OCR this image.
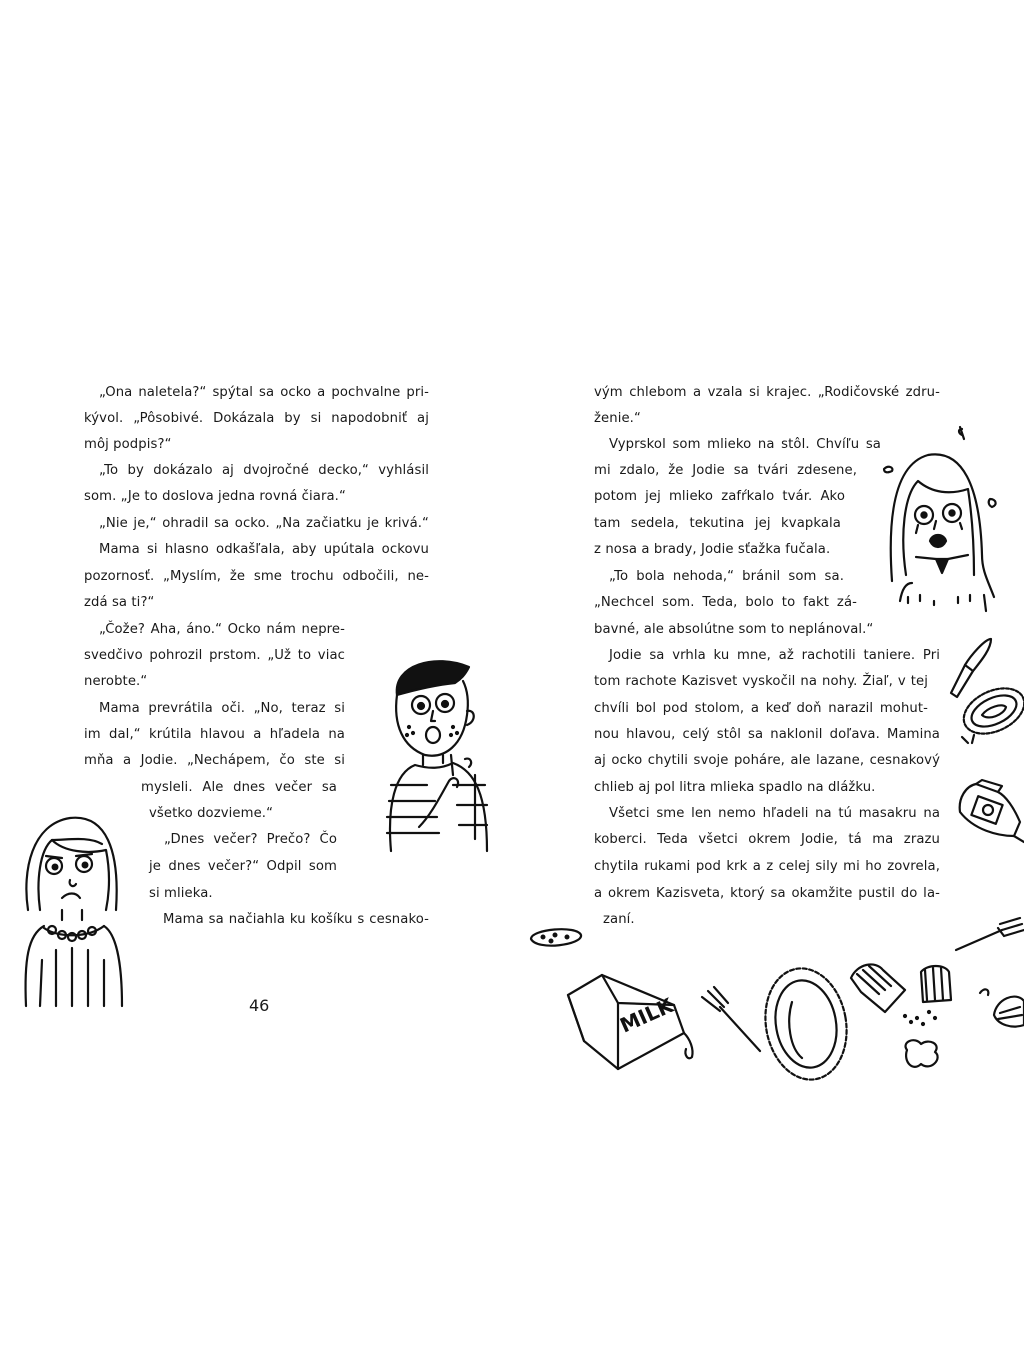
„Ona naletela?“ spýtal sa ocko a pochvalne pri-
kývol. „Pôsobivé. Dokázala by si napodobniť aj
môj podpis?“
„To by dokázalo aj dvojročné decko,“ vyhlásil
som. „Je to doslova jedna rovná čiara.“
„Nie je,“ ohradil sa ocko. „Na začiatku je krivá.“
Mama si hlasno odkašľala, aby upútala ockovu
pozornosť. „Myslím, že sme trochu odbočili, ne-
zdá sa ti?“
„Čože? Aha, áno.“ Ocko nám nepre-
svedčivo pohrozil prstom. „Už to viac
nerobte.“
Mama prevrátila oči. „No, teraz si
im dal,“ krútila hlavou a hľadela na
mňa a Jodie. „Nechápem, čo ste si
mysleli. Ale dnes večer sa
všetko dozvieme.“
„Dnes večer? Prečo? Čo
je dnes večer?“ Odpil som
si mlieka.
Mama sa načiahla ku košíku s cesnako-
46
vým chlebom a vzala si krajec. „Rodičovské zdru-
ženie.“
Vyprskol som mlieko na stôl. Chvíľu sa
mi zdalo, že Jodie sa tvári zdesene,
potom jej mlieko zafŕkalo tvár. Ako
tam sedela, tekutina jej kvapkala
z nosa a brady, Jodie sťažka fučala.
„To bola nehoda,“ bránil som sa.
„Nechcel som. Teda, bolo to fakt zá-
bavné, ale absolútne som to neplánoval.“
Jodie sa vrhla ku mne, až rachotili taniere. Pri
tom rachote Kazisvet vyskočil na nohy. Žiaľ, v tej
chvíli bol pod stolom, a keď doň narazil mohut-
nou hlavou, celý stôl sa naklonil doľava. Mamina
aj ocko chytili svoje poháre, ale lazane, cesnakový
chlieb aj pol litra mlieka spadlo na dlážku.
Všetci sme len nemo hľadeli na tú masakru na
koberci. Teda všetci okrem Jodie, tá ma zrazu
chytila rukami pod krk a z celej sily mi ho zovrela,
a okrem Kazisveta, ktorý sa okamžite pustil do la-
zaní.
MILK
